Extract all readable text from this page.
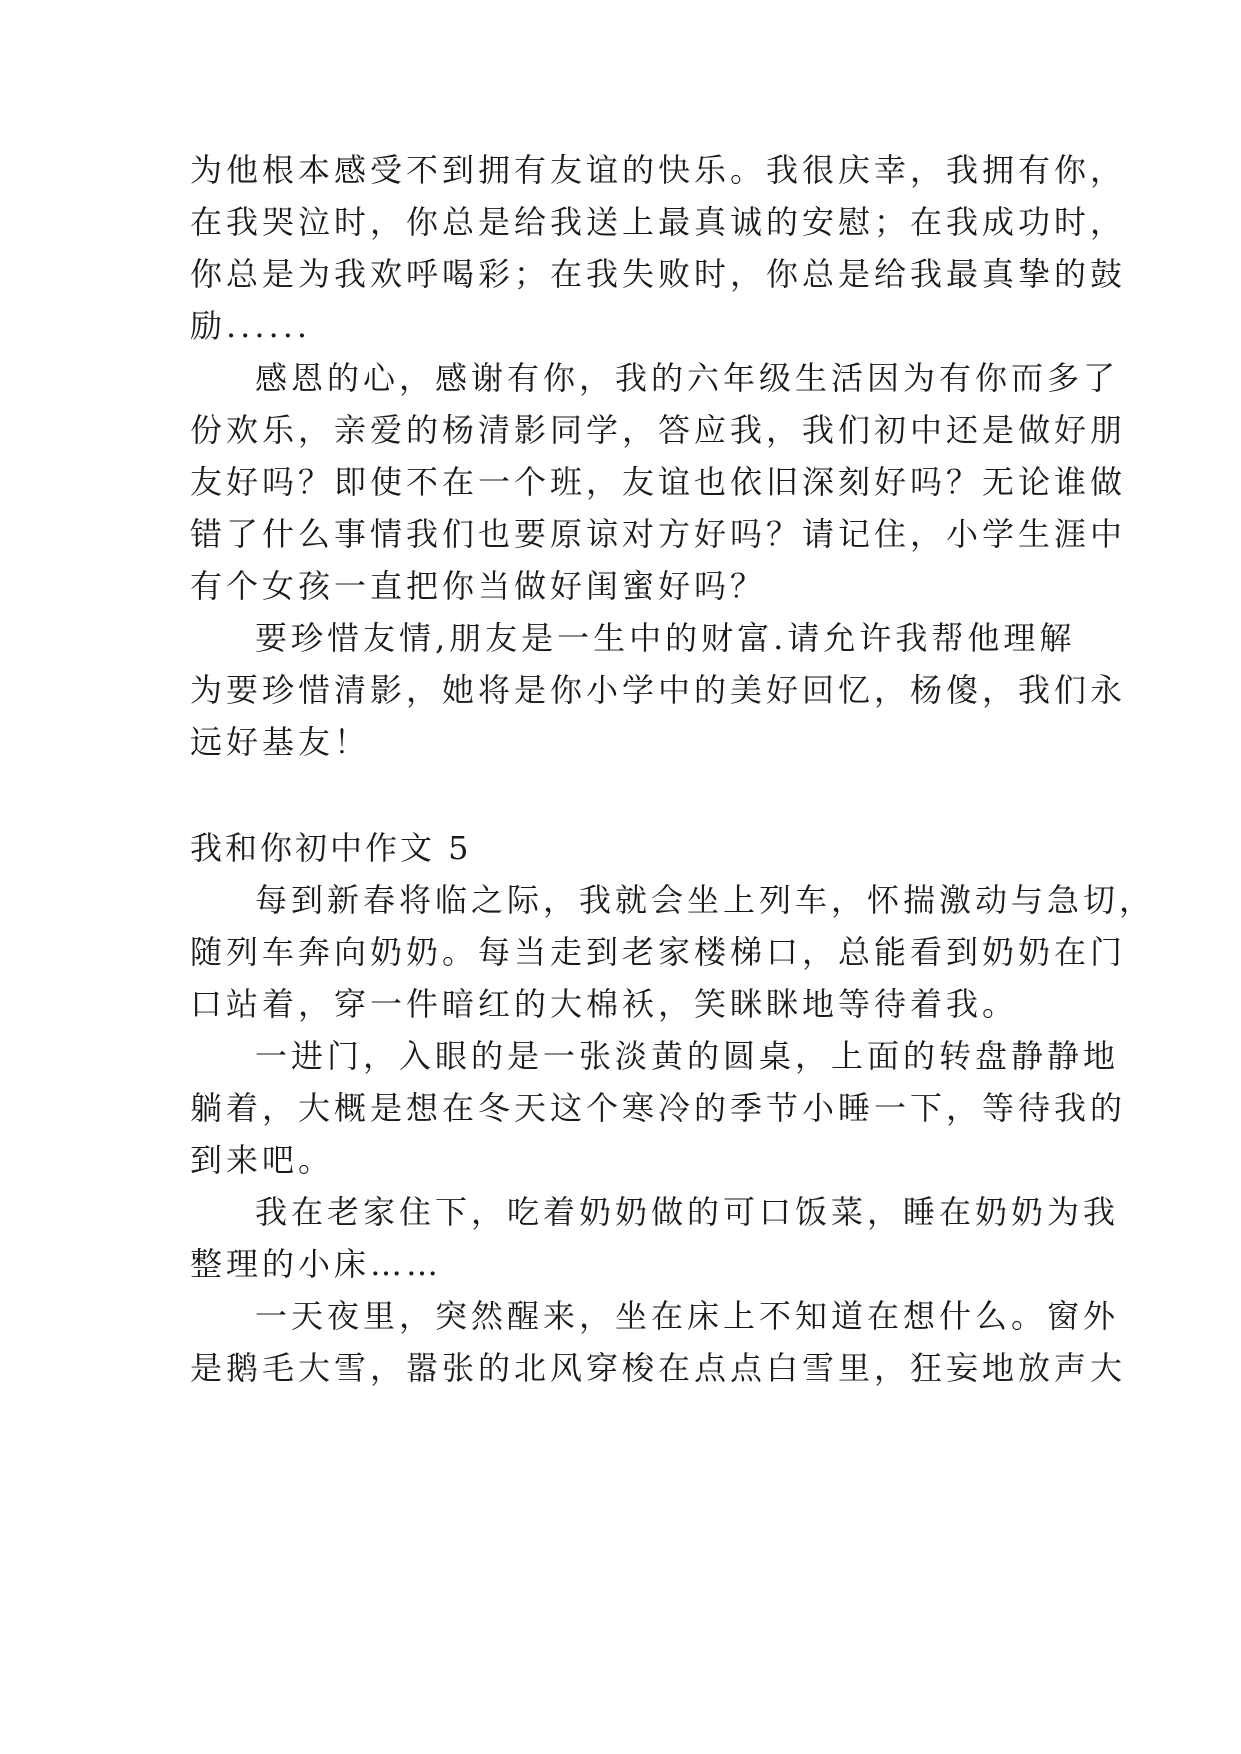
为他根本感受不到拥有友谊的快乐。我很庆幸，我拥有你，
在我哭泣时，你总是给我送上最真诚的安慰；在我成功时，
你总是为我欢呼喝彩；在我失败时，你总是给我最真挚的鼓
励......
感恩的心，感谢有你，我的六年级生活因为有你而多了
份欢乐，亲爱的杨清影同学，答应我，我们初中还是做好朋
友好吗？即使不在一个班，友谊也依旧深刻好吗？无论谁做
错了什么事情我们也要原谅对方好吗？请记住，小学生涯中
有个女孩一直把你当做好闺蜜好吗？
要珍惜友情,朋友是一生中的财富.请允许我帮他理解
为要珍惜清影，她将是你小学中的美好回忆，杨傻，我们永
远好基友！
我和你初中作文 5
每到新春将临之际，我就会坐上列车，怀揣激动与急切，
随列车奔向奶奶。每当走到老家楼梯口，总能看到奶奶在门
口站着，穿一件暗红的大棉袄，笑眯眯地等待着我。
一进门，入眼的是一张淡黄的圆桌，上面的转盘静静地
躺着，大概是想在冬天这个寒冷的季节小睡一下，等待我的
到来吧。
我在老家住下，吃着奶奶做的可口饭菜，睡在奶奶为我
整理的小床……
一天夜里，突然醒来，坐在床上不知道在想什么。窗外
是鹅毛大雪，嚣张的北风穿梭在点点白雪里，狂妄地放声大
